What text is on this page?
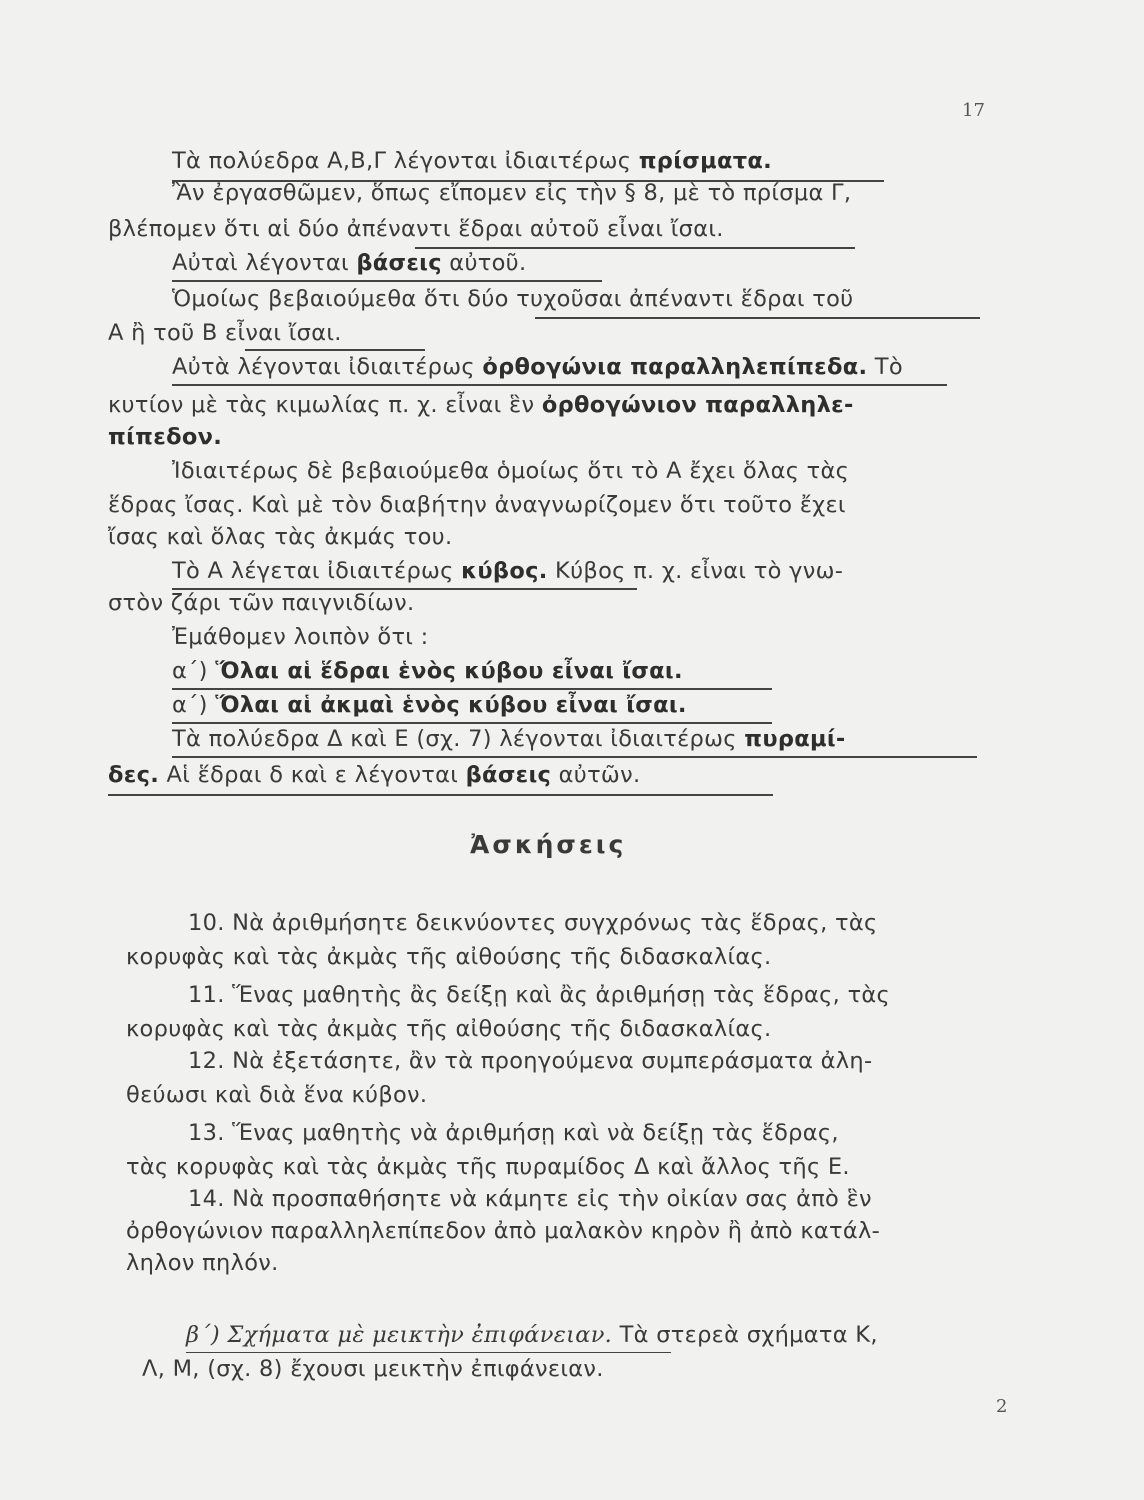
17
Τὰ πολύεδρα Α,Β,Γ λέγονται ἰδιαιτέρως πρίσματα.
Ἂν ἐργασθῶμεν, ὅπως εἴπομεν εἰς τὴν § 8, μὲ τὸ πρίσμα Γ,
βλέπομεν ὅτι αἱ δύο ἀπέναντι ἕδραι αὐτοῦ εἶναι ἴσαι.
Αὐταὶ λέγονται βάσεις αὐτοῦ.
Ὁμοίως βεβαιούμεθα ὅτι δύο τυχοῦσαι ἀπέναντι ἕδραι τοῦ
Α ἢ τοῦ Β εἶναι ἴσαι.
Αὐτὰ λέγονται ἰδιαιτέρως ὀρθογώνια παραλληλεπίπεδα. Τὸ
κυτίον μὲ τὰς κιμωλίας π. χ. εἶναι ἓν ὀρθογώνιον παραλληλε-
πίπεδον.
Ἰδιαιτέρως δὲ βεβαιούμεθα ὁμοίως ὅτι τὸ Α ἔχει ὅλας τὰς
ἕδρας ἴσας. Καὶ μὲ τὸν διαβήτην ἀναγνωρίζομεν ὅτι τοῦτο ἔχει
ἴσας καὶ ὅλας τὰς ἀκμάς του.
Τὸ Α λέγεται ἰδιαιτέρως κύβος. Κύβος π. χ. εἶναι τὸ γνω-
στὸν ζάρι τῶν παιγνιδίων.
Ἐμάθομεν λοιπὸν ὅτι :
α΄) Ὅλαι αἱ ἕδραι ἑνὸς κύβου εἶναι ἴσαι.
α΄) Ὅλαι αἱ ἀκμαὶ ἑνὸς κύβου εἶναι ἴσαι.
Τὰ πολύεδρα Δ καὶ Ε (σχ. 7) λέγονται ἰδιαιτέρως πυραμί-
δες. Αἱ ἕδραι δ καὶ ε λέγονται βάσεις αὐτῶν.
Ἀσκήσεις
10. Νὰ ἀριθμήσητε δεικνύοντες συγχρόνως τὰς ἕδρας, τὰς
κορυφὰς καὶ τὰς ἀκμὰς τῆς αἰθούσης τῆς διδασκαλίας.
11. Ἕνας μαθητὴς ἂς δείξῃ καὶ ἂς ἀριθμήσῃ τὰς ἕδρας, τὰς
κορυφὰς καὶ τὰς ἀκμὰς τῆς αἰθούσης τῆς διδασκαλίας.
12. Νὰ ἐξετάσητε, ἂν τὰ προηγούμενα συμπεράσματα ἀλη-
θεύωσι καὶ διὰ ἕνα κύβον.
13. Ἕνας μαθητὴς νὰ ἀριθμήσῃ καὶ νὰ δείξῃ τὰς ἕδρας,
τὰς κορυφὰς καὶ τὰς ἀκμὰς τῆς πυραμίδος Δ καὶ ἄλλος τῆς Ε.
14. Νὰ προσπαθήσητε νὰ κάμητε εἰς τὴν οἰκίαν σας ἀπὸ ἓν
ὀρθογώνιον παραλληλεπίπεδον ἀπὸ μαλακὸν κηρὸν ἢ ἀπὸ κατάλ-
ληλον πηλόν.
β΄) Σχήματα μὲ μεικτὴν ἐπιφάνειαν. Τὰ στερεὰ σχήματα Κ,
Λ, Μ, (σχ. 8) ἔχουσι μεικτὴν ἐπιφάνειαν.
2
